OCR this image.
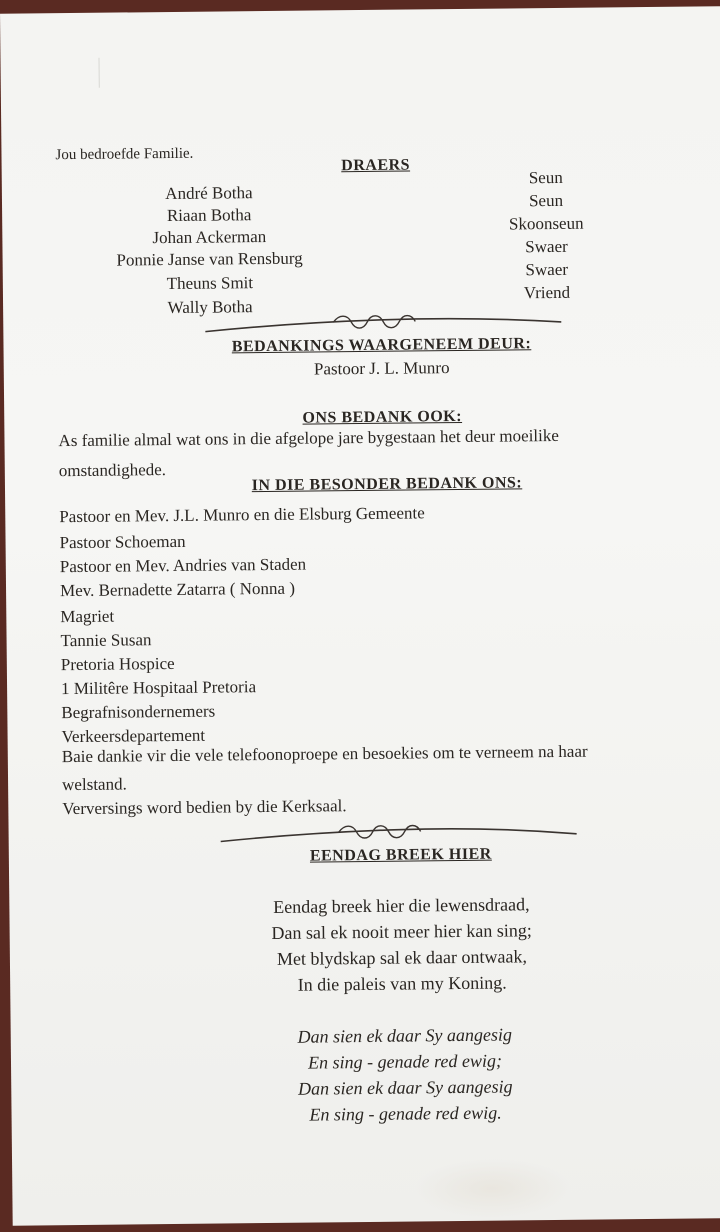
Jou bedroefde Familie.
DRAERS
André Botha
Riaan Botha
Johan Ackerman
Ponnie Janse van Rensburg
Theuns Smit
Wally Botha
Seun
Seun
Skoonseun
Swaer
Swaer
Vriend
BEDANKINGS WAARGENEEM DEUR:
Pastoor J. L. Munro
ONS BEDANK OOK:
As familie almal wat ons in die afgelope jare bygestaan het deur moeilike
omstandighede.
IN DIE BESONDER BEDANK ONS:
Pastoor en Mev. J.L. Munro en die Elsburg Gemeente
Pastoor Schoeman
Pastoor en Mev. Andries van Staden
Mev. Bernadette Zatarra ( Nonna )
Magriet
Tannie Susan
Pretoria Hospice
1 Militêre Hospitaal Pretoria
Begrafnisondernemers
Verkeersdepartement
Baie dankie vir die vele telefoonoproepe en besoekies om te verneem na haar
welstand.
Verversings word bedien by die Kerksaal.
EENDAG BREEK HIER
Eendag breek hier die lewensdraad,
Dan sal ek nooit meer hier kan sing;
Met blydskap sal ek daar ontwaak,
In die paleis van my Koning.
Dan sien ek daar Sy aangesig
En sing - genade red ewig;
Dan sien ek daar Sy aangesig
En sing - genade red ewig.
